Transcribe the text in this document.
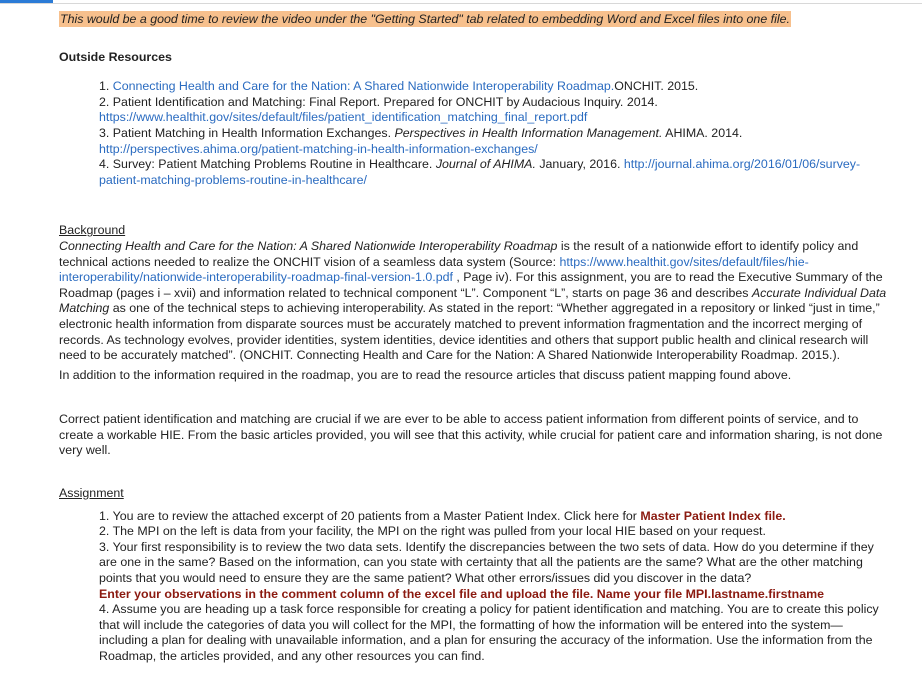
This would be a good time to review the video under the "Getting Started" tab related to embedding Word and Excel files into one file.
Outside Resources
1. Connecting Health and Care for the Nation: A Shared Nationwide Interoperability Roadmap.ONCHIT. 2015.
2. Patient Identification and Matching: Final Report. Prepared for ONCHIT by Audacious Inquiry. 2014. https://www.healthit.gov/sites/default/files/patient_identification_matching_final_report.pdf
3. Patient Matching in Health Information Exchanges. Perspectives in Health Information Management. AHIMA. 2014.
http://perspectives.ahima.org/patient-matching-in-health-information-exchanges/
4. Survey: Patient Matching Problems Routine in Healthcare. Journal of AHIMA. January, 2016. http://journal.ahima.org/2016/01/06/survey-patient-matching-problems-routine-in-healthcare/
Background
Connecting Health and Care for the Nation: A Shared Nationwide Interoperability Roadmap is the result of a nationwide effort to identify policy and technical actions needed to realize the ONCHIT vision of a seamless data system (Source: https://www.healthit.gov/sites/default/files/hie-interoperability/nationwide-interoperability-roadmap-final-version-1.0.pdf , Page iv). For this assignment, you are to read the Executive Summary of the Roadmap (pages i – xvii) and information related to technical component “L”. Component “L”, starts on page 36 and describes Accurate Individual Data Matching as one of the technical steps to achieving interoperability. As stated in the report: “Whether aggregated in a repository or linked “just in time,” electronic health information from disparate sources must be accurately matched to prevent information fragmentation and the incorrect merging of records. As technology evolves, provider identities, system identities, device identities and others that support public health and clinical research will need to be accurately matched”. (ONCHIT. Connecting Health and Care for the Nation: A Shared Nationwide Interoperability Roadmap. 2015.).
In addition to the information required in the roadmap, you are to read the resource articles that discuss patient mapping found above.
Correct patient identification and matching are crucial if we are ever to be able to access patient information from different points of service, and to create a workable HIE. From the basic articles provided, you will see that this activity, while crucial for patient care and information sharing, is not done very well.
Assignment
1. You are to review the attached excerpt of 20 patients from a Master Patient Index. Click here for Master Patient Index file.
2. The MPI on the left is data from your facility, the MPI on the right was pulled from your local HIE based on your request.
3. Your first responsibility is to review the two data sets. Identify the discrepancies between the two sets of data. How do you determine if they are one in the same? Based on the information, can you state with certainty that all the patients are the same? What are the other matching points that you would need to ensure they are the same patient? What other errors/issues did you discover in the data?
Enter your observations in the comment column of the excel file and upload the file. Name your file MPI.lastname.firstname
4. Assume you are heading up a task force responsible for creating a policy for patient identification and matching. You are to create this policy that will include the categories of data you will collect for the MPI, the formatting of how the information will be entered into the system—including a plan for dealing with unavailable information, and a plan for ensuring the accuracy of the information. Use the information from the Roadmap, the articles provided, and any other resources you can find.
